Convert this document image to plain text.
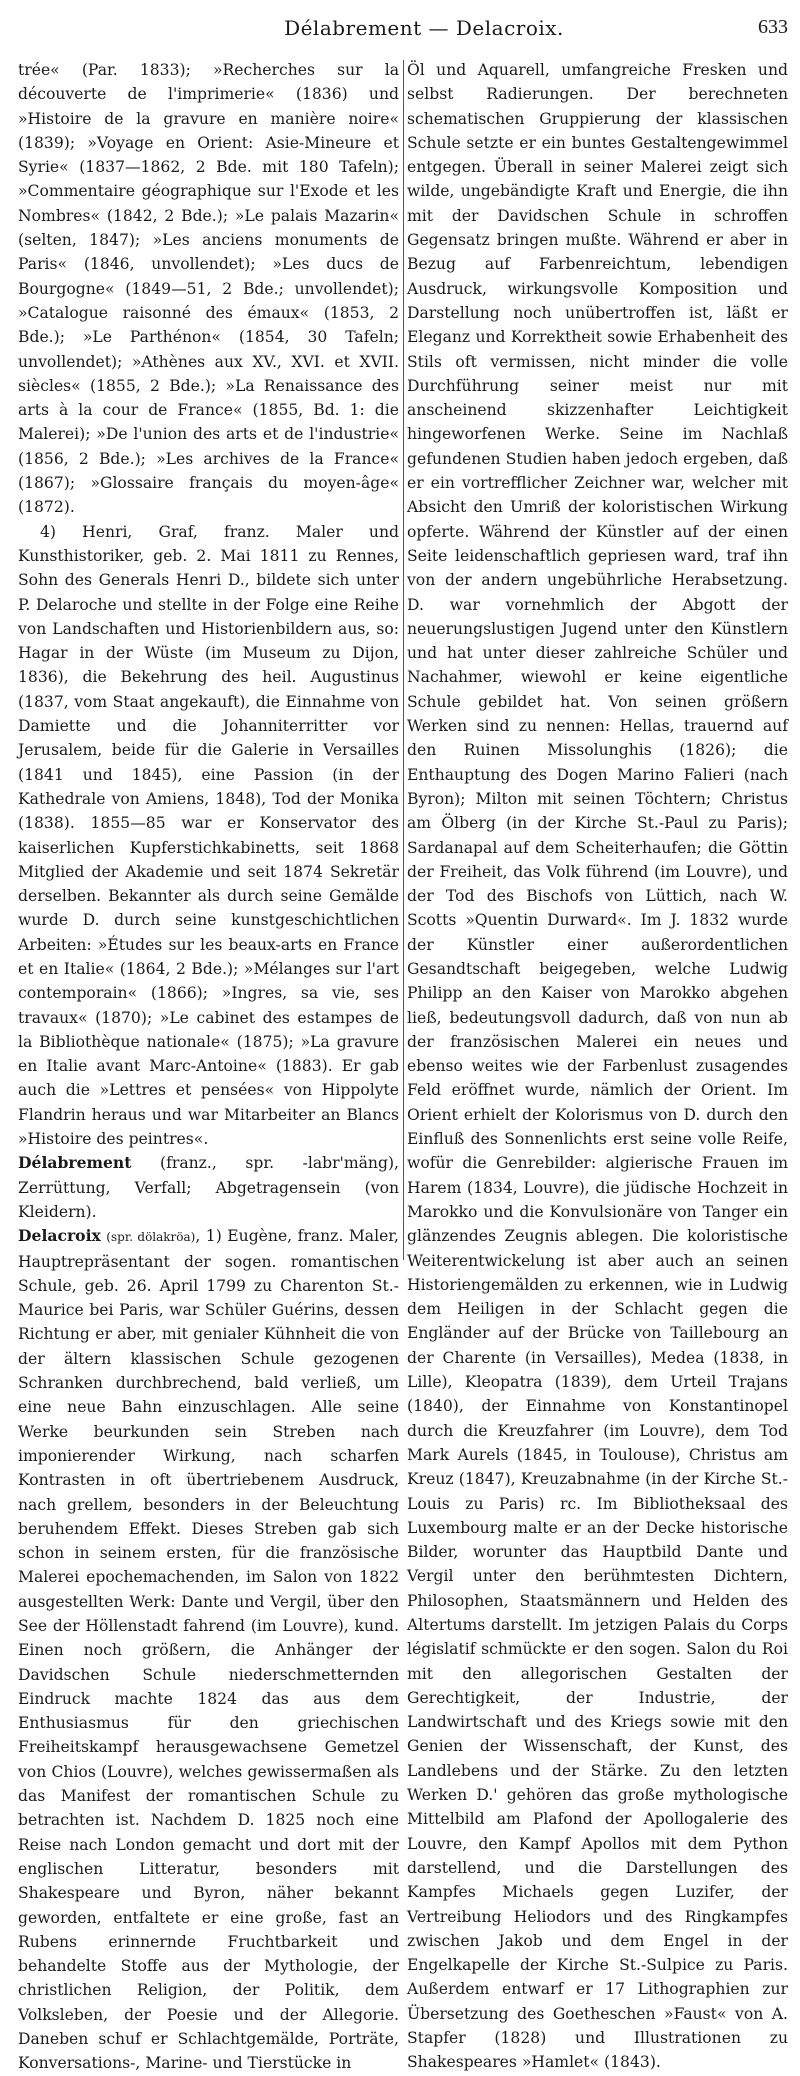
Délabrement — Delacroix.	633

trée« (Par. 1833); »Recherches sur la découverte de l'imprimerie« (1836) und »Histoire de la gravure en manière noire« (1839); »Voyage en Orient: Asie-Mineure et Syrie« (1837—1862, 2 Bde. mit 180 Tafeln); »Commentaire géographique sur l'Exode et les Nombres« (1842, 2 Bde.); »Le palais Mazarin« (selten, 1847); »Les anciens monuments de Paris« (1846, unvollendet); »Les ducs de Bourgogne« (1849—51, 2 Bde.; unvollendet); »Catalogue raisonné des émaux« (1853, 2 Bde.); »Le Parthénon« (1854, 30 Tafeln; unvollendet); »Athènes aux XV., XVI. et XVII. siècles« (1855, 2 Bde.); »La Renaissance des arts à la cour de France« (1855, Bd. 1: die Malerei); »De l'union des arts et de l'industrie« (1856, 2 Bde.); »Les archives de la France« (1867); »Glossaire français du moyen-âge« (1872).

4) Henri, Graf, franz. Maler und Kunsthistoriker, geb. 2. Mai 1811 zu Rennes, Sohn des Generals Henri D., bildete sich unter P. Delaroche und stellte in der Folge eine Reihe von Landschaften und Historienbildern aus, so: Hagar in der Wüste (im Museum zu Dijon, 1836), die Bekehrung des heil. Augustinus (1837, vom Staat angekauft), die Einnahme von Damiette und die Johanniterritter vor Jerusalem, beide für die Galerie in Versailles (1841 und 1845), eine Passion (in der Kathedrale von Amiens, 1848), Tod der Monika (1838). 1855—85 war er Konservator des kaiserlichen Kupferstichkabinetts, seit 1868 Mitglied der Akademie und seit 1874 Sekretär derselben. Bekannter als durch seine Gemälde wurde D. durch seine kunstgeschichtlichen Arbeiten: »Études sur les beaux-arts en France et en Italie« (1864, 2 Bde.); »Mélanges sur l'art contemporain« (1866); »Ingres, sa vie, ses travaux« (1870); »Le cabinet des estampes de la Bibliothèque nationale« (1875); »La gravure en Italie avant Marc-Antoine« (1883). Er gab auch die »Lettres et pensées« von Hippolyte Flandrin heraus und war Mitarbeiter an Blancs »Histoire des peintres«.

Délabrement (franz., spr. -labr'mäng), Zerrüttung, Verfall; Abgetragensein (von Kleidern).

Delacroix (spr. dölakröa), 1) Eugène, franz. Maler, Hauptrepräsentant der sogen. romantischen Schule, geb. 26. April 1799 zu Charenton St.-Maurice bei Paris, war Schüler Guérins, dessen Richtung er aber, mit genialer Kühnheit die von der ältern klassischen Schule gezogenen Schranken durchbrechend, bald verließ, um eine neue Bahn einzuschlagen. Alle seine Werke beurkunden sein Streben nach imponierender Wirkung, nach scharfen Kontrasten in oft übertriebenem Ausdruck, nach grellem, besonders in der Beleuchtung beruhendem Effekt. Dieses Streben gab sich schon in seinem ersten, für die französische Malerei epochemachenden, im Salon von 1822 ausgestellten Werk: Dante und Vergil, über den See der Höllenstadt fahrend (im Louvre), kund. Einen noch größern, die Anhänger der Davidschen Schule niederschmetternden Eindruck machte 1824 das aus dem Enthusiasmus für den griechischen Freiheitskampf herausgewachsene Gemetzel von Chios (Louvre), welches gewissermaßen als das Manifest der romantischen Schule zu betrachten ist. Nachdem D. 1825 noch eine Reise nach London gemacht und dort mit der englischen Litteratur, besonders mit Shakespeare und Byron, näher bekannt geworden, entfaltete er eine große, fast an Rubens erinnernde Fruchtbarkeit und behandelte Stoffe aus der Mythologie, der christlichen Religion, der Politik, dem Volksleben, der Poesie und der Allegorie. Daneben schuf er Schlachtgemälde, Porträte, Konversations-, Marine- und Tierstücke in

Öl und Aquarell, umfangreiche Fresken und selbst Radierungen. Der berechneten schematischen Gruppierung der klassischen Schule setzte er ein buntes Gestaltengewimmel entgegen. Überall in seiner Malerei zeigt sich wilde, ungebändigte Kraft und Energie, die ihn mit der Davidschen Schule in schroffen Gegensatz bringen mußte. Während er aber in Bezug auf Farbenreichtum, lebendigen Ausdruck, wirkungsvolle Komposition und Darstellung noch unübertroffen ist, läßt er Eleganz und Korrektheit sowie Erhabenheit des Stils oft vermissen, nicht minder die volle Durchführung seiner meist nur mit anscheinend skizzenhafter Leichtigkeit hingeworfenen Werke. Seine im Nachlaß gefundenen Studien haben jedoch ergeben, daß er ein vortrefflicher Zeichner war, welcher mit Absicht den Umriß der koloristischen Wirkung opferte. Während der Künstler auf der einen Seite leidenschaftlich gepriesen ward, traf ihn von der andern ungebührliche Herabsetzung. D. war vornehmlich der Abgott der neuerungslustigen Jugend unter den Künstlern und hat unter dieser zahlreiche Schüler und Nachahmer, wiewohl er keine eigentliche Schule gebildet hat. Von seinen größern Werken sind zu nennen: Hellas, trauernd auf den Ruinen Missolunghis (1826); die Enthauptung des Dogen Marino Falieri (nach Byron); Milton mit seinen Töchtern; Christus am Ölberg (in der Kirche St.-Paul zu Paris); Sardanapal auf dem Scheiterhaufen; die Göttin der Freiheit, das Volk führend (im Louvre), und der Tod des Bischofs von Lüttich, nach W. Scotts »Quentin Durward«. Im J. 1832 wurde der Künstler einer außerordentlichen Gesandtschaft beigegeben, welche Ludwig Philipp an den Kaiser von Marokko abgehen ließ, bedeutungsvoll dadurch, daß von nun ab der französischen Malerei ein neues und ebenso weites wie der Farbenlust zusagendes Feld eröffnet wurde, nämlich der Orient. Im Orient erhielt der Kolorismus von D. durch den Einfluß des Sonnenlichts erst seine volle Reife, wofür die Genrebilder: algierische Frauen im Harem (1834, Louvre), die jüdische Hochzeit in Marokko und die Konvulsionäre von Tanger ein glänzendes Zeugnis ablegen. Die koloristische Weiterentwickelung ist aber auch an seinen Historiengemälden zu erkennen, wie in Ludwig dem Heiligen in der Schlacht gegen die Engländer auf der Brücke von Taillebourg an der Charente (in Versailles), Medea (1838, in Lille), Kleopatra (1839), dem Urteil Trajans (1840), der Einnahme von Konstantinopel durch die Kreuzfahrer (im Louvre), dem Tod Mark Aurels (1845, in Toulouse), Christus am Kreuz (1847), Kreuzabnahme (in der Kirche St.-Louis zu Paris) rc. Im Bibliotheksaal des Luxembourg malte er an der Decke historische Bilder, worunter das Hauptbild Dante und Vergil unter den berühmtesten Dichtern, Philosophen, Staatsmännern und Helden des Altertums darstellt. Im jetzigen Palais du Corps législatif schmückte er den sogen. Salon du Roi mit den allegorischen Gestalten der Gerechtigkeit, der Industrie, der Landwirtschaft und des Kriegs sowie mit den Genien der Wissenschaft, der Kunst, des Landlebens und der Stärke. Zu den letzten Werken D.' gehören das große mythologische Mittelbild am Plafond der Apollogalerie des Louvre, den Kampf Apollos mit dem Python darstellend, und die Darstellungen des Kampfes Michaels gegen Luzifer, der Vertreibung Heliodors und des Ringkampfes zwischen Jakob und dem Engel in der Engelkapelle der Kirche St.-Sulpice zu Paris. Außerdem entwarf er 17 Lithographien zur Übersetzung des Goetheschen »Faust« von A. Stapfer (1828) und Illustrationen zu Shakespeares »Hamlet« (1843).
